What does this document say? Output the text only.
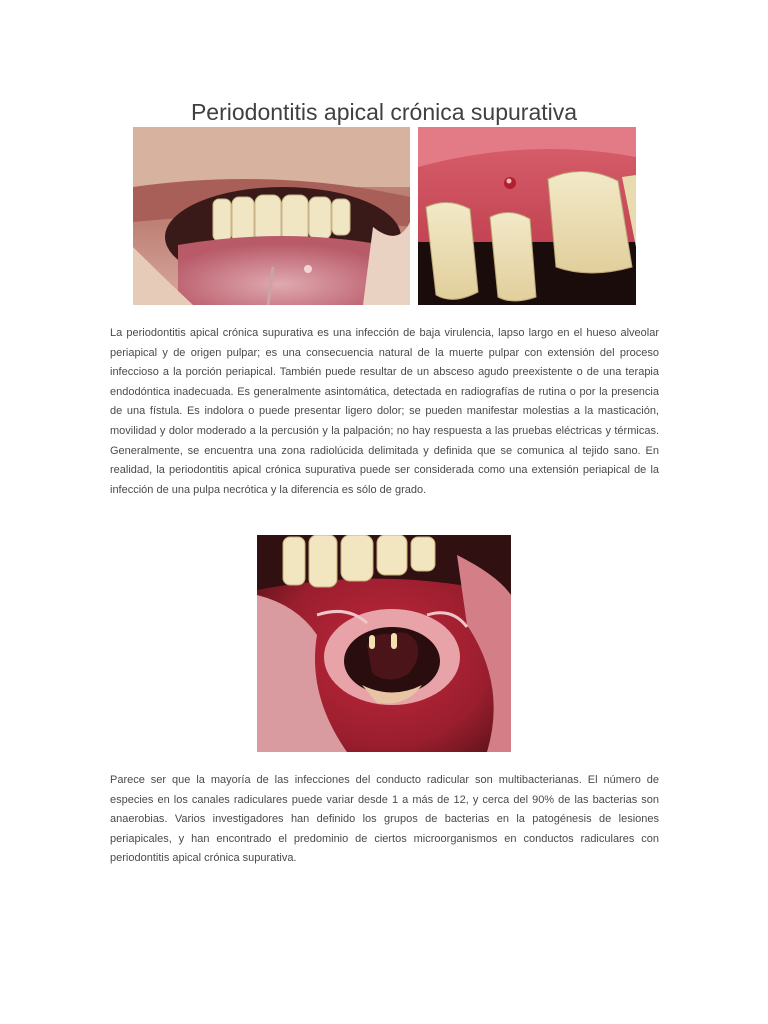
Periodontitis apical crónica supurativa

La periodontitis apical crónica supurativa es una infección de baja virulencia, lapso largo en el hueso alveolar periapical y de origen pulpar; es una consecuencia natural de la muerte pulpar con extensión del proceso infeccioso a la porción periapical. También puede resultar de un absceso agudo preexistente o de una terapia endodóntica inadecuada. Es generalmente asintomática, detectada en radiografías de rutina o por la presencia de una fístula. Es indolora o puede presentar ligero dolor; se pueden manifestar molestias a la masticación, movilidad y dolor moderado a la percusión y la palpación; no hay respuesta a las pruebas eléctricas y térmicas. Generalmente, se encuentra una zona radiolúcida delimitada y definida que se comunica al tejido sano. En realidad, la periodontitis apical crónica supurativa puede ser considerada como una extensión periapical de la infección de una pulpa necrótica y la diferencia es sólo de grado.

Parece ser que la mayoría de las infecciones del conducto radicular son multibacterianas. El número de especies en los canales radiculares puede variar desde 1 a más de 12, y cerca del 90% de las bacterias son anaerobias. Varios investigadores han definido los grupos de bacterias en la patogénesis de lesiones periapicales, y han encontrado el predominio de ciertos microorganismos en conductos radiculares con periodontitis apical crónica supurativa.
